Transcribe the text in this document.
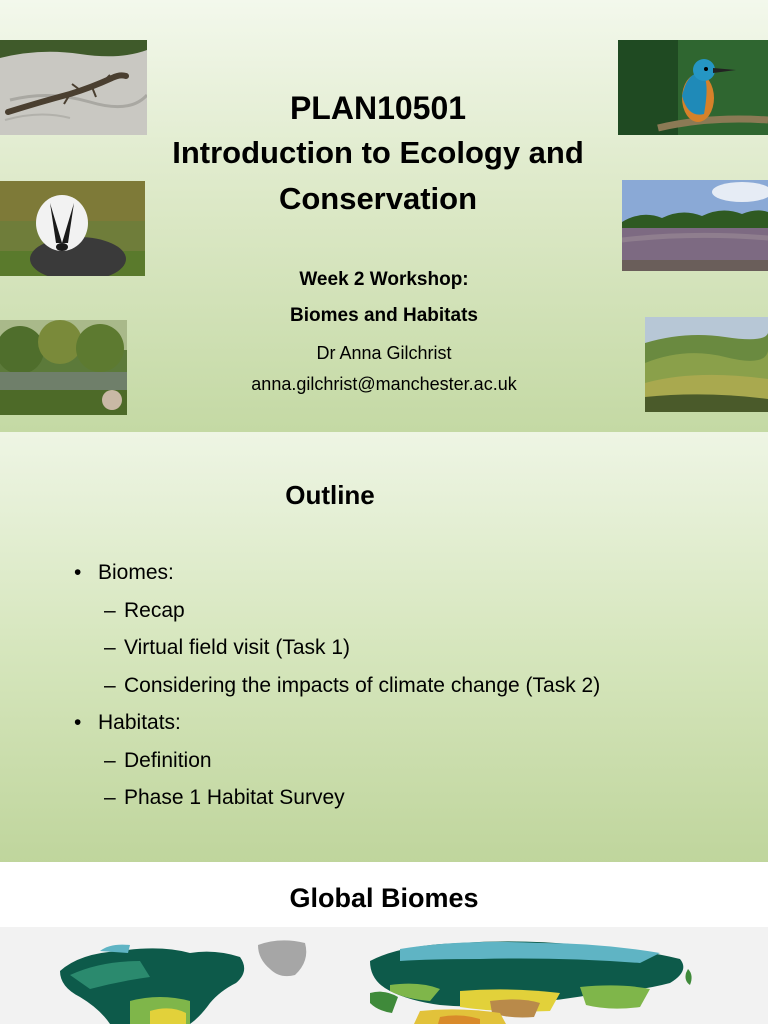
PLAN10501
Introduction to Ecology and
Conservation
Week 2 Workshop:
Biomes and Habitats
Dr Anna Gilchrist
anna.gilchrist@manchester.ac.uk
Outline
• Biomes:
– Recap
– Virtual field visit (Task 1)
– Considering the impacts of climate change (Task 2)
• Habitats:
– Definition
– Phase 1 Habitat Survey
Global Biomes
